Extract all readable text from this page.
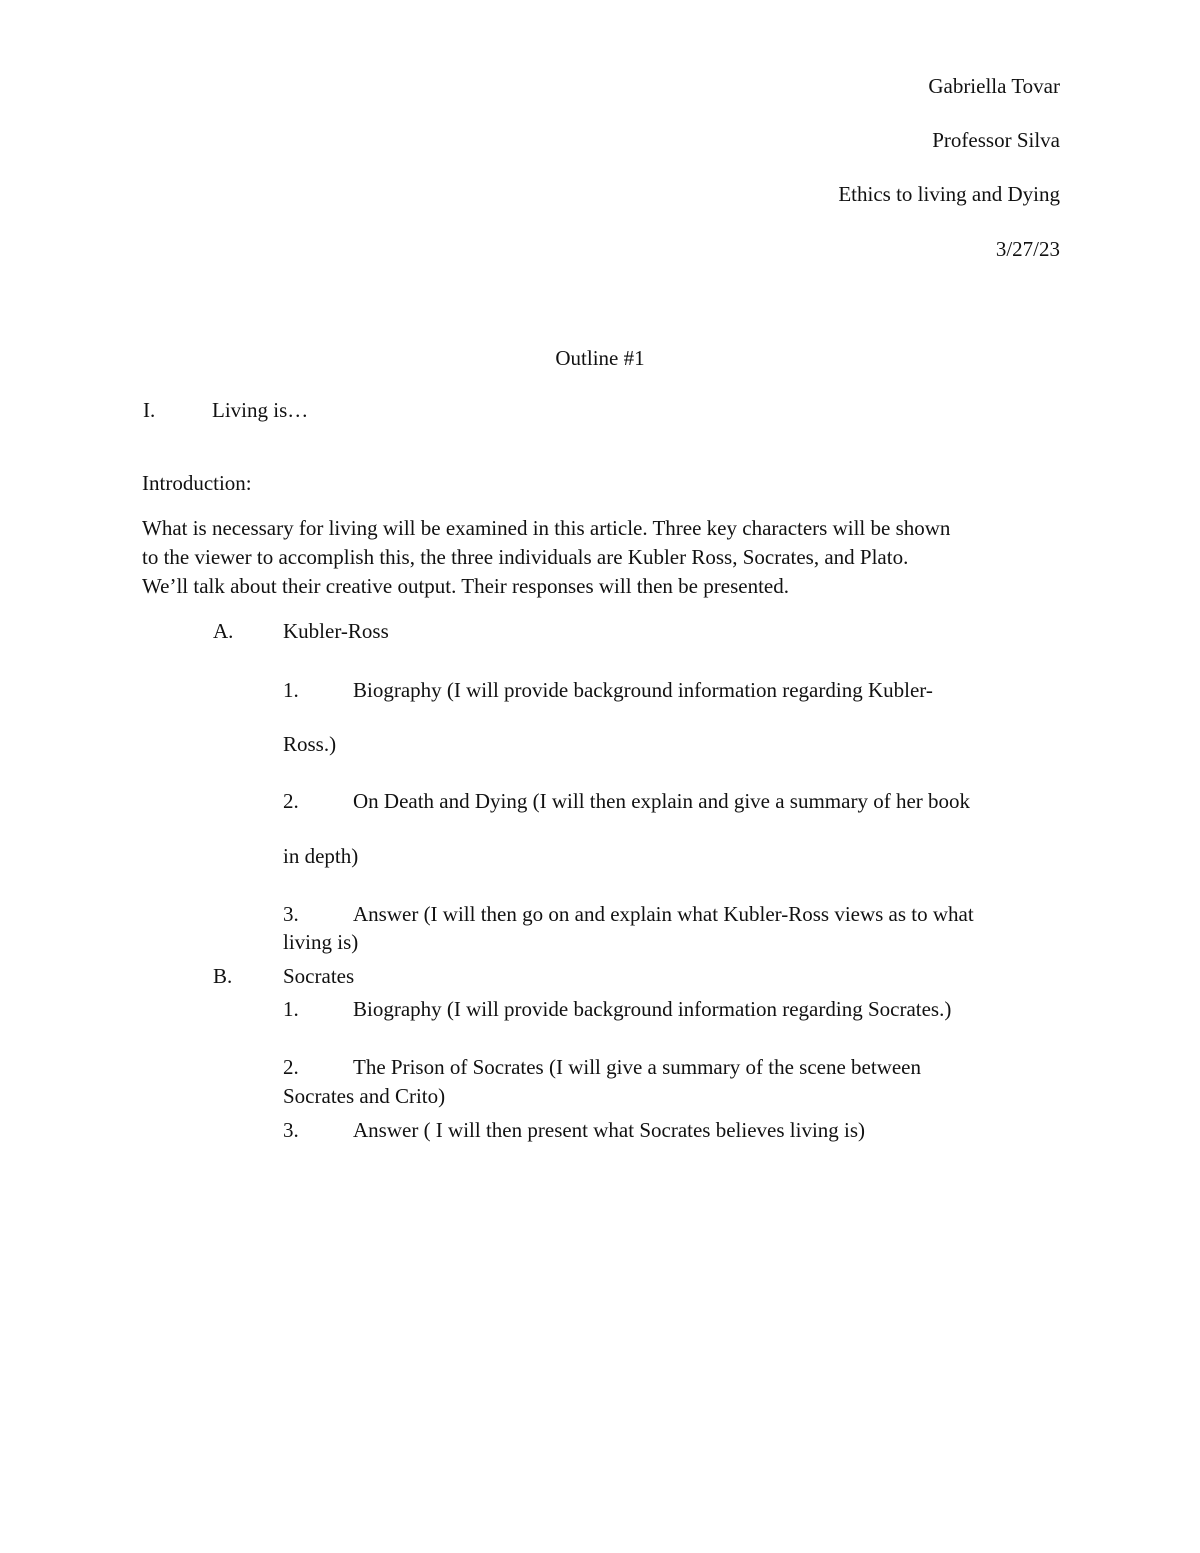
Gabriella Tovar
Professor Silva
Ethics to living and Dying
3/27/23
Outline #1
I.	Living is…
Introduction:
What is necessary for living will be examined in this article. Three key characters will be shown
to the viewer to accomplish this, the three individuals are Kubler Ross, Socrates, and Plato.
We’ll talk about their creative output. Their responses will then be presented.
A. Kubler-Ross
1.	Biography (I will provide background information regarding Kubler-
Ross.)
2.	On Death and Dying (I will then explain and give a summary of her book
in depth)
3.	Answer (I will then go on and explain what Kubler-Ross views as to what
living is)
B. Socrates
1.	Biography (I will provide background information regarding Socrates.)
2.	The Prison of Socrates (I will give a summary of the scene between
Socrates and Crito)
3.	Answer ( I will then present what Socrates believes living is)
